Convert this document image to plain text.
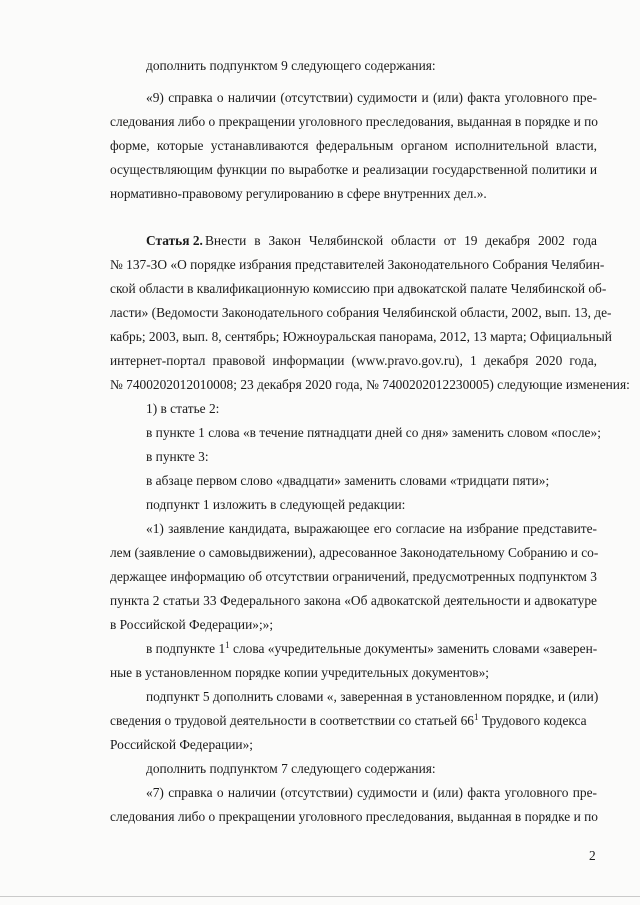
дополнить подпунктом 9 следующего содержания:
«9) справка о наличии (отсутствии) судимости и (или) факта уголовного пре-
следования либо о прекращении уголовного преследования, выданная в порядке и по
форме, которые устанавливаются федеральным органом исполнительной власти,
осуществляющим функции по выработке и реализации государственной политики и
нормативно-правовому регулированию в сфере внутренних дел.».
Статья 2. Внести в Закон Челябинской области от 19 декабря 2002 года
№ 137-ЗО «О порядке избрания представителей Законодательного Собрания Челябин-
ской области в квалификационную комиссию при адвокатской палате Челябинской об-
ласти» (Ведомости Законодательного собрания Челябинской области, 2002, вып. 13, де-
кабрь; 2003, вып. 8, сентябрь; Южноуральская панорама, 2012, 13 марта; Официальный
интернет-портал правовой информации (www.pravo.gov.ru), 1 декабря 2020 года,
№ 7400202012010008; 23 декабря 2020 года, № 7400202012230005) следующие изменения:
1) в статье 2:
в пункте 1 слова «в течение пятнадцати дней со дня» заменить словом «после»;
в пункте 3:
в абзаце первом слово «двадцати» заменить словами «тридцати пяти»;
подпункт 1 изложить в следующей редакции:
«1) заявление кандидата, выражающее его согласие на избрание представите-
лем (заявление о самовыдвижении), адресованное Законодательному Собранию и со-
держащее информацию об отсутствии ограничений, предусмотренных подпунктом 3
пункта 2 статьи 33 Федерального закона «Об адвокатской деятельности и адвокатуре
в Российской Федерации»;»;
в подпункте $1^1$ слова «учредительные документы» заменить словами «заверен-
ные в установленном порядке копии учредительных документов»;
подпункт 5 дополнить словами «, заверенная в установленном порядке, и (или)
сведения о трудовой деятельности в соответствии со статьей $66^1$ Трудового кодекса
Российской Федерации»;
дополнить подпунктом 7 следующего содержания:
«7) справка о наличии (отсутствии) судимости и (или) факта уголовного пре-
следования либо о прекращении уголовного преследования, выданная в порядке и по
2
